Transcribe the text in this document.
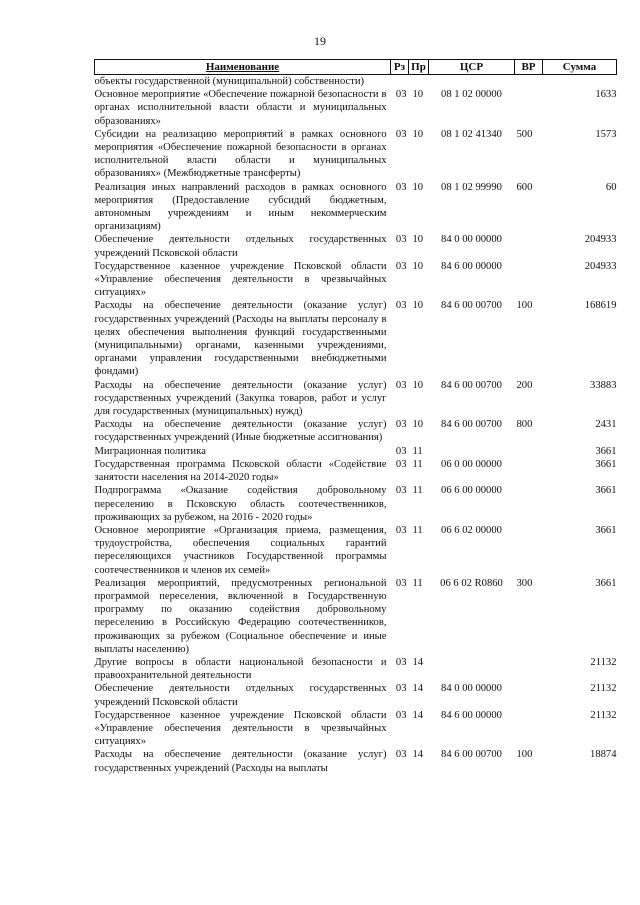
19
Наименование	Рз	Пр	ЦСР	ВР	Сумма
объекты государственной (муниципальной) собственности)					
Основное мероприятие «Обеспечение пожарной безопасности в органах исполнительной власти области и муниципальных образованиях»	03	10	08 1 02 00000		1633
Субсидии на реализацию мероприятий в рамках основного мероприятия «Обеспечение пожарной безопасности в органах исполнительной власти области и муниципальных образованиях» (Межбюджетные трансферты)	03	10	08 1 02 41340	500	1573
Реализация иных направлений расходов в рамках основного мероприятия (Предоставление субсидий бюджетным, автономным учреждениям и иным некоммерческим организациям)	03	10	08 1 02 99990	600	60
Обеспечение деятельности отдельных государственных учреждений Псковской области	03	10	84 0 00 00000		204933
Государственное казенное учреждение Псковской области «Управление обеспечения деятельности в чрезвычайных ситуациях»	03	10	84 6 00 00000		204933
Расходы на обеспечение деятельности (оказание услуг) государственных учреждений (Расходы на выплаты персоналу в целях обеспечения выполнения функций государственными (муниципальными) органами, казенными учреждениями, органами управления государственными внебюджетными фондами)	03	10	84 6 00 00700	100	168619
Расходы на обеспечение деятельности (оказание услуг) государственных учреждений (Закупка товаров, работ и услуг для государственных (муниципальных) нужд)	03	10	84 6 00 00700	200	33883
Расходы на обеспечение деятельности (оказание услуг) государственных учреждений (Иные бюджетные ассигнования)	03	10	84 6 00 00700	800	2431
Миграционная политика	03	11			3661
Государственная программа Псковской области «Содействие занятости населения на 2014-2020 годы»	03	11	06 0 00 00000		3661
Подпрограмма «Оказание содействия добровольному переселению в Псковскую область соотечественников, проживающих за рубежом, на 2016 - 2020 годы»	03	11	06 6 00 00000		3661
Основное мероприятие «Организация приема, размещения, трудоустройства, обеспечения социальных гарантий переселяющихся участников Государственной программы соотечественников и членов их семей»	03	11	06 6 02 00000		3661
Реализация мероприятий, предусмотренных региональной программой переселения, включенной в Государственную программу по оказанию содействия добровольному переселению в Российскую Федерацию соотечественников, проживающих за рубежом (Социальное обеспечение и иные выплаты населению)	03	11	06 6 02 R0860	300	3661
Другие вопросы в области национальной безопасности и правоохранительной деятельности	03	14			21132
Обеспечение деятельности отдельных государственных учреждений Псковской области	03	14	84 0 00 00000		21132
Государственное казенное учреждение Псковской области «Управление обеспечения деятельности в чрезвычайных ситуациях»	03	14	84 6 00 00000		21132
Расходы на обеспечение деятельности (оказание услуг) государственных учреждений (Расходы на выплаты	03	14	84 6 00 00700	100	18874
